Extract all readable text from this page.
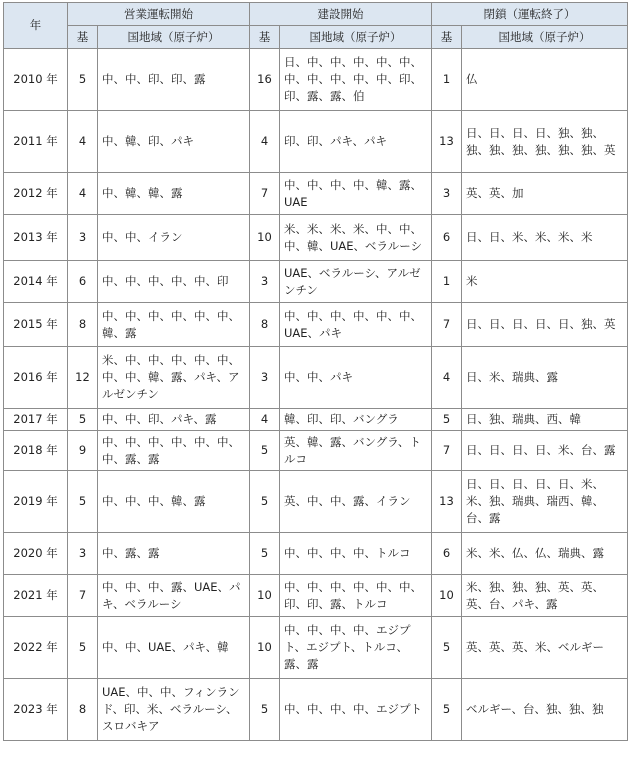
年	営業運転開始		建設開始		閉鎖（運転終了）	
	基	国地域（原子炉）	基	国地域（原子炉）	基	国地域（原子炉）
2010 年	5	中、中、印、印、露	16	日、中、中、中、中、中、中、中、中、中、中、印、印、露、露、伯	1	仏
2011 年	4	中、韓、印、パキ	4	印、印、パキ、パキ	13	日、日、日、日、独、独、独、独、独、独、独、独、英
2012 年	4	中、韓、韓、露	7	中、中、中、中、韓、露、UAE	3	英、英、加
2013 年	3	中、中、イラン	10	米、米、米、米、中、中、中、韓、UAE、ベラルーシ	6	日、日、米、米、米、米
2014 年	6	中、中、中、中、中、印	3	UAE、ベラルーシ、アルゼンチン	1	米
2015 年	8	中、中、中、中、中、中、韓、露	8	中、中、中、中、中、中、UAE、パキ	7	日、日、日、日、日、独、英
2016 年	12	米、中、中、中、中、中、中、中、韓、露、パキ、アルゼンチン	3	中、中、パキ	4	日、米、瑞典、露
2017 年	5	中、中、印、パキ、露	4	韓、印、印、バングラ	5	日、独、瑞典、西、韓
2018 年	9	中、中、中、中、中、中、中、露、露	5	英、韓、露、バングラ、トルコ	7	日、日、日、日、米、台、露
2019 年	5	中、中、中、韓、露	5	英、中、中、露、イラン	13	日、日、日、日、日、米、米、独、瑞典、瑞西、韓、台、露
2020 年	3	中、露、露	5	中、中、中、中、トルコ	6	米、米、仏、仏、瑞典、露
2021 年	7	中、中、中、露、UAE、パキ、ベラルーシ	10	中、中、中、中、中、中、印、印、露、トルコ	10	米、独、独、独、英、英、英、台、パキ、露
2022 年	5	中、中、UAE、パキ、韓	10	中、中、中、中、エジプト、エジプト、トルコ、露、露	5	英、英、英、米、ベルギー
2023 年	8	UAE、中、中、フィンランド、印、米、ベラルーシ、スロバキア	5	中、中、中、中、エジプト	5	ベルギー、台、独、独、独
